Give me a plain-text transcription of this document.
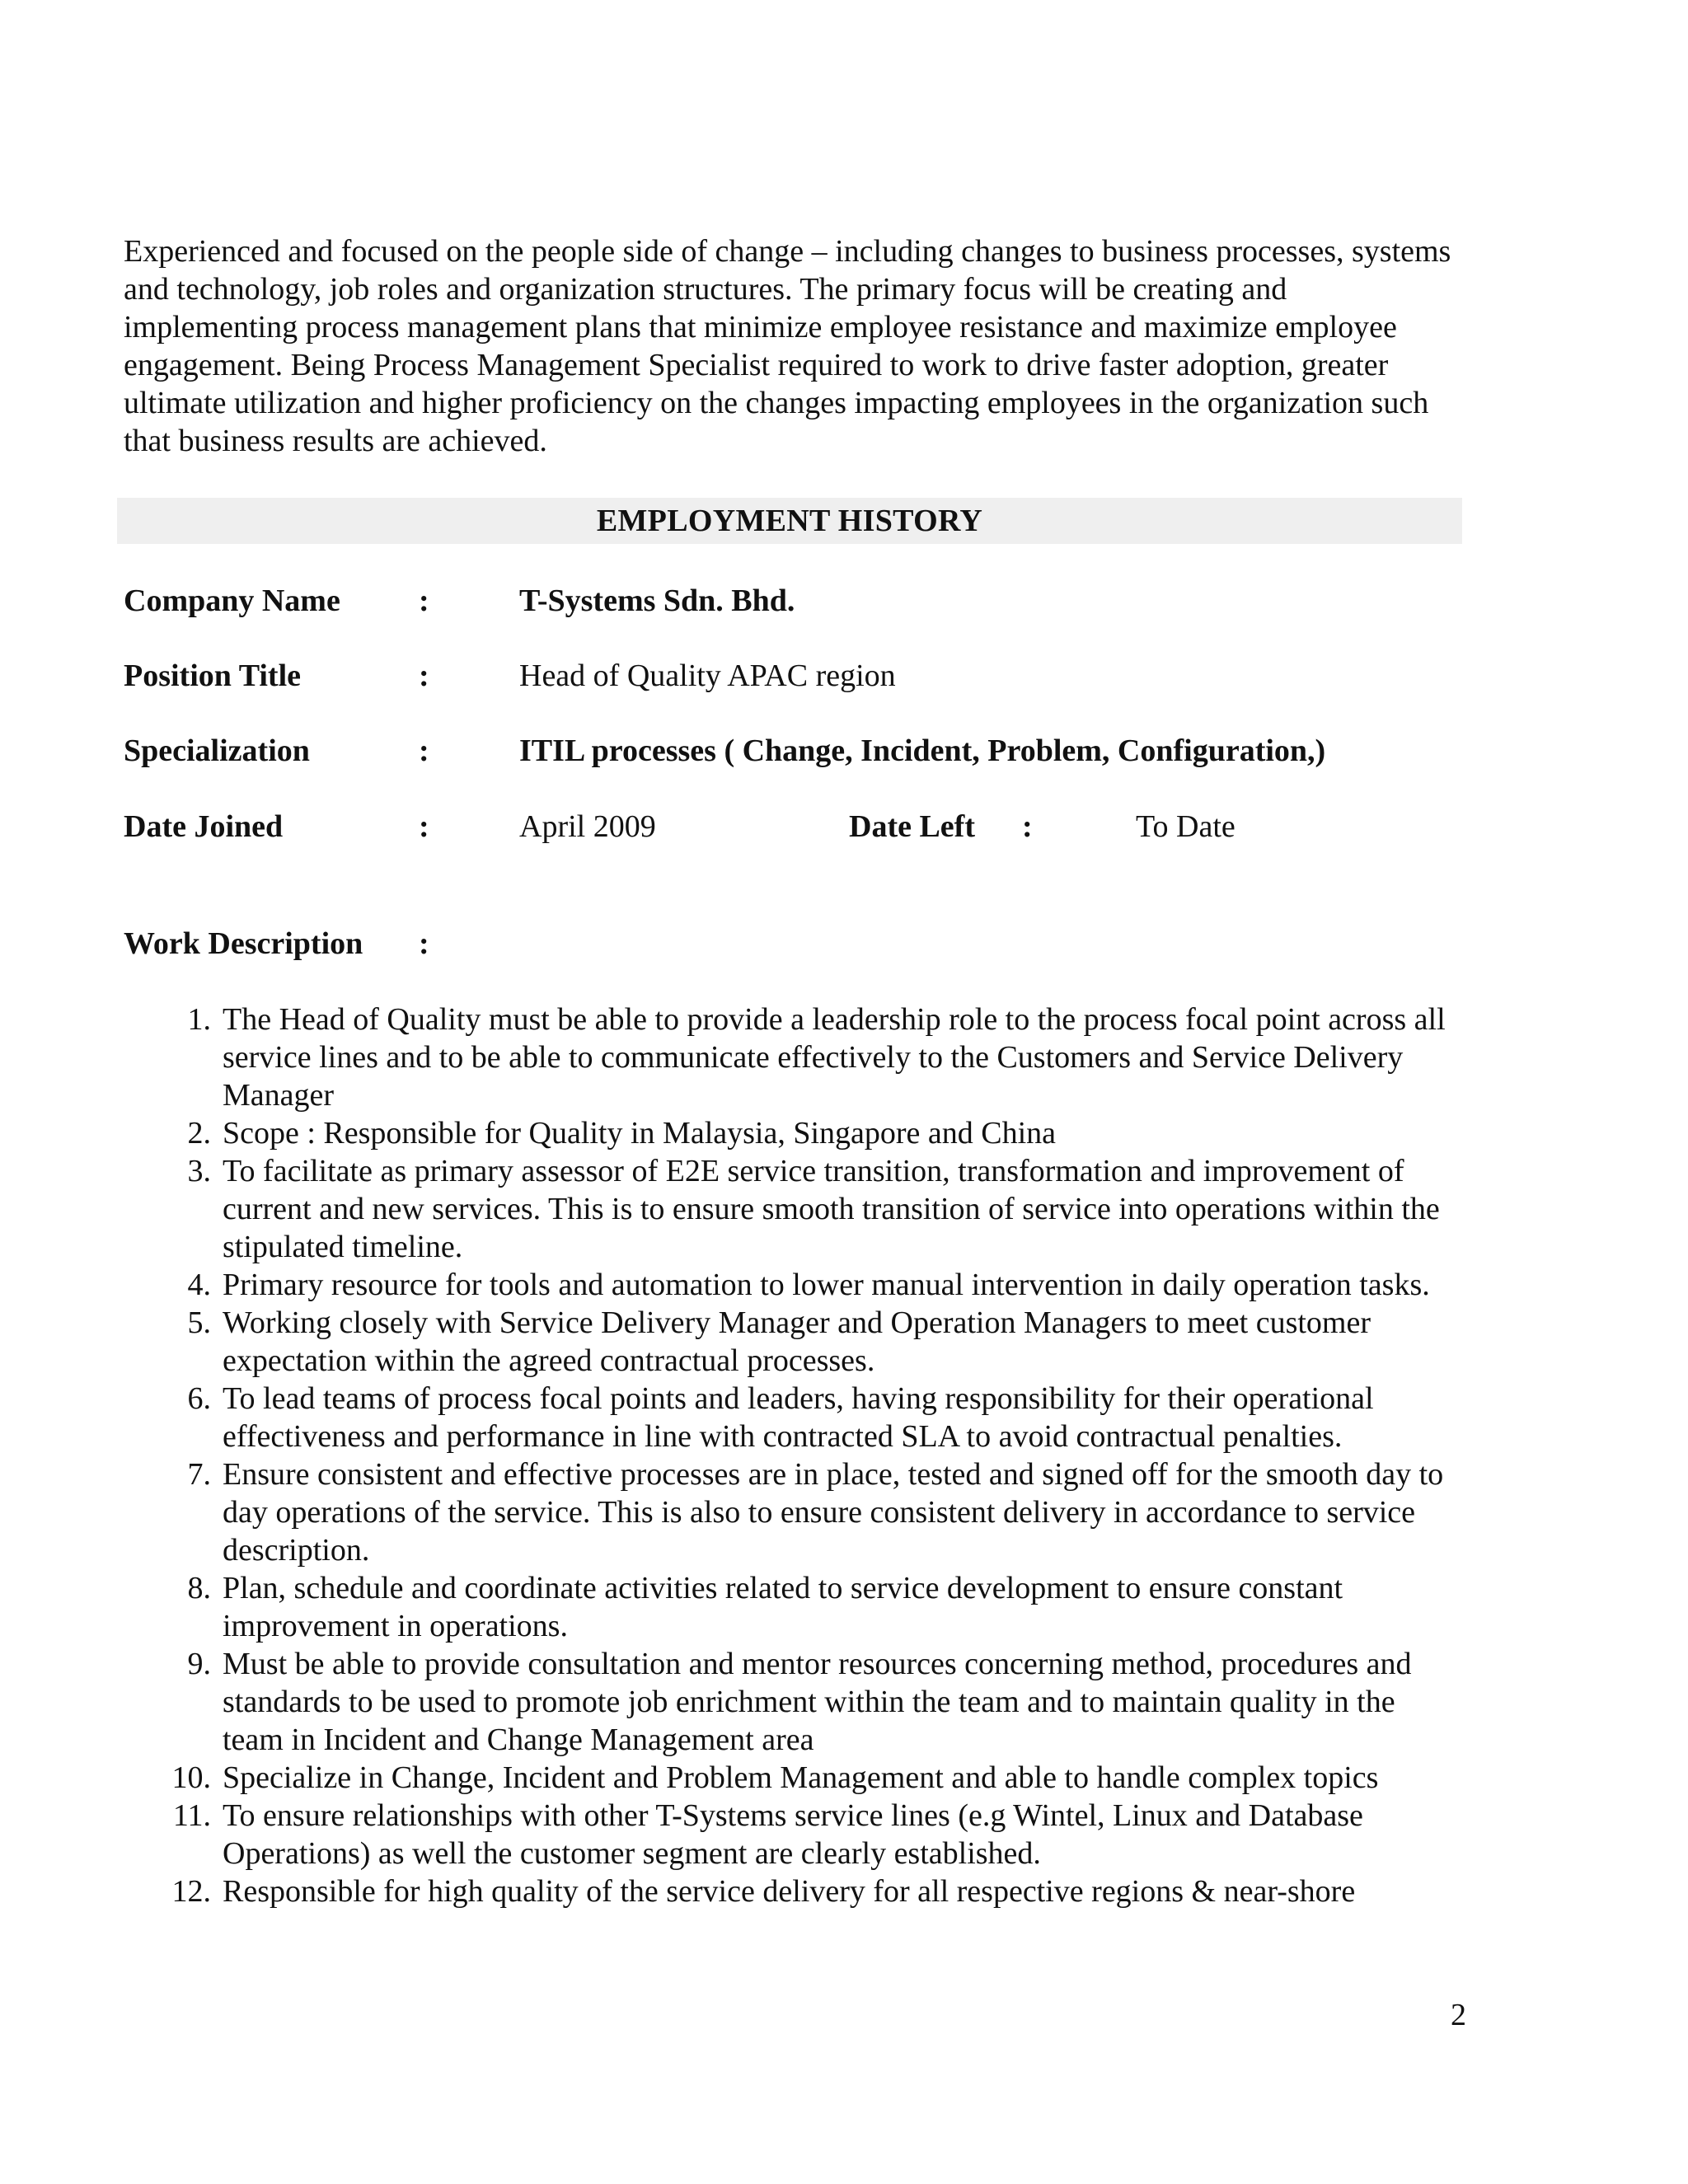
Experienced and focused on the people side of change – including changes to business processes, systems and technology, job roles and organization structures. The primary focus will be creating and implementing process management plans that minimize employee resistance and maximize employee engagement. Being Process Management Specialist required to work to drive faster adoption, greater ultimate utilization and higher proficiency on the changes impacting employees in the organization such that business results are achieved.

EMPLOYMENT HISTORY
Company Name	:	T-Systems Sdn. Bhd.
Position Title	:	Head of Quality APAC region
Specialization	:	ITIL processes ( Change, Incident, Problem, Configuration,)
Date Joined	:	April 2009	Date Left :	To Date
Work Description :
1. The Head of Quality must be able to provide a leadership role to the process focal point across all service lines and to be able to communicate effectively to the Customers and Service Delivery Manager
2. Scope : Responsible for Quality in Malaysia, Singapore and China
3. To facilitate as primary assessor of E2E service transition, transformation and improvement of current and new services. This is to ensure smooth transition of service into operations within the stipulated timeline.
4. Primary resource for tools and automation to lower manual intervention in daily operation tasks.
5. Working closely with Service Delivery Manager and Operation Managers to meet customer expectation within the agreed contractual processes.
6. To lead teams of process focal points and leaders, having responsibility for their operational effectiveness and performance in line with contracted SLA to avoid contractual penalties.
7. Ensure consistent and effective processes are in place, tested and signed off for the smooth day to day operations of the service. This is also to ensure consistent delivery in accordance to service description.
8. Plan, schedule and coordinate activities related to service development to ensure constant improvement in operations.
9. Must be able to provide consultation and mentor resources concerning method, procedures and standards to be used to promote job enrichment within the team and to maintain quality in the team in Incident and Change Management area
10. Specialize in Change, Incident and Problem Management and able to handle complex topics
11. To ensure relationships with other T-Systems service lines (e.g Wintel, Linux and Database Operations) as well the customer segment are clearly established.
12. Responsible for high quality of the service delivery for all respective regions & near-shore
2
